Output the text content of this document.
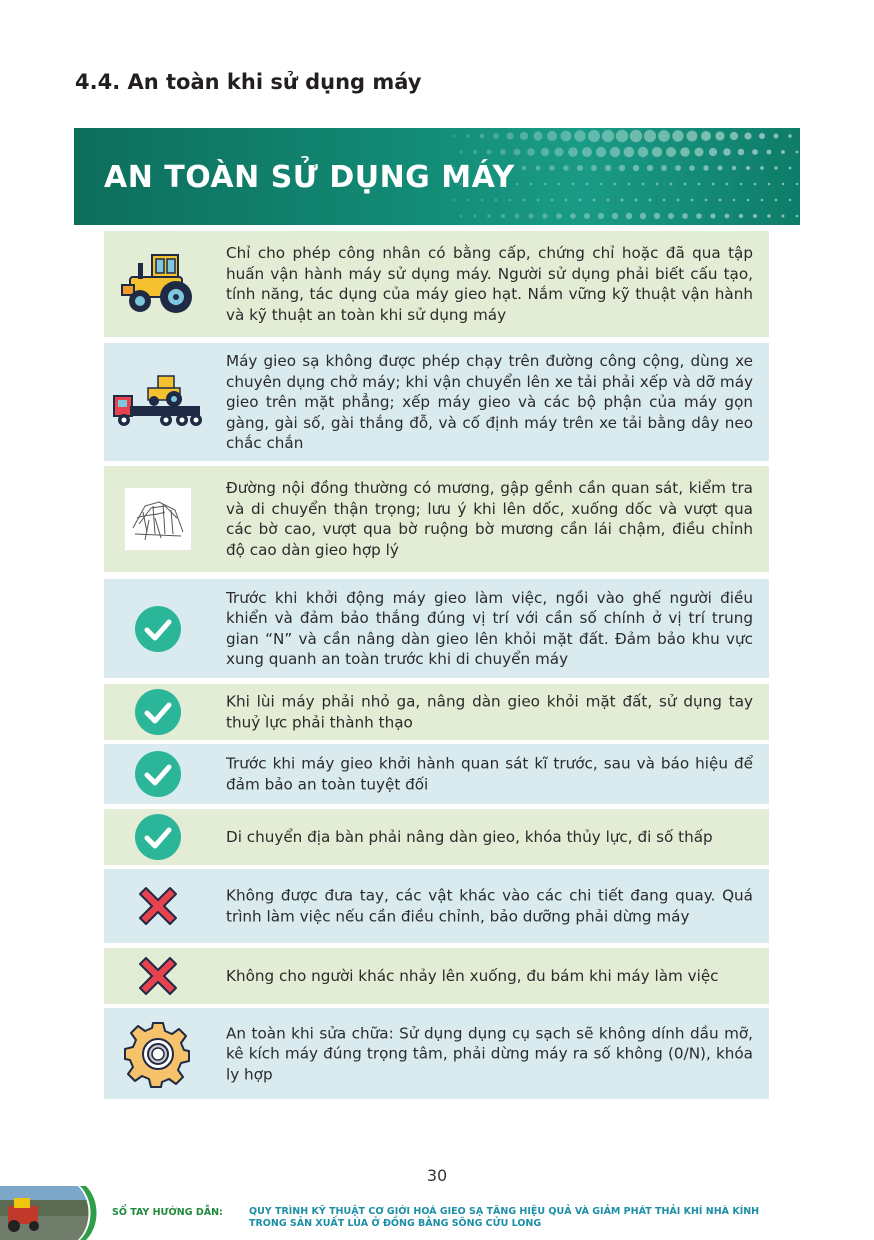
4.4. An toàn khi sử dụng máy
AN TOÀN SỬ DỤNG MÁY

Chỉ cho phép công nhân có bằng cấp, chứng chỉ hoặc đã qua tập huấn vận hành máy sử dụng máy. Người sử dụng phải biết cấu tạo, tính năng, tác dụng của máy gieo hạt. Nắm vững kỹ thuật vận hành và kỹ thuật an toàn khi sử dụng máy

Máy gieo sạ không được phép chạy trên đường công cộng, dùng xe chuyên dụng chở máy; khi vận chuyển lên xe tải phải xếp và dỡ máy gieo trên mặt phẳng; xếp máy gieo và các bộ phận của máy gọn gàng, gài số, gài thắng đỗ, và cố định máy trên xe tải bằng dây neo chắc chắn

Đường nội đồng thường có mương, gập gềnh cần quan sát, kiểm tra và di chuyển thận trọng; lưu ý khi lên dốc, xuống dốc và vượt qua các bờ cao, vượt qua bờ ruộng bờ mương cần lái chậm, điều chỉnh độ cao dàn gieo hợp lý

Trước khi khởi động máy gieo làm việc, ngồi vào ghế người điều khiển và đảm bảo thắng đúng vị trí với cần số chính ở vị trí trung gian “N” và cần nâng dàn gieo lên khỏi mặt đất. Đảm bảo khu vực xung quanh an toàn trước khi di chuyển máy

Khi lùi máy phải nhỏ ga, nâng dàn gieo khỏi mặt đất, sử dụng tay thuỷ lực phải thành thạo

Trước khi máy gieo khởi hành quan sát kĩ trước, sau và báo hiệu để đảm bảo an toàn tuyệt đối

Di chuyển địa bàn phải nâng dàn gieo, khóa thủy lực, đi số thấp

Không được đưa tay, các vật khác vào các chi tiết đang quay. Quá trình làm việc nếu cần điều chỉnh, bảo dưỡng phải dừng máy

Không cho người khác nhảy lên xuống, đu bám khi máy làm việc

An toàn khi sửa chữa: Sử dụng dụng cụ sạch sẽ không dính dầu mỡ, kê kích máy đúng trọng tâm, phải dừng máy ra số không (0/N), khóa ly hợp

30
SỔ TAY HƯỚNG DẪN:	QUY TRÌNH KỸ THUẬT CƠ GIỚI HOÁ GIEO SẠ TĂNG HIỆU QUẢ VÀ GIẢM PHÁT THẢI KHÍ NHÀ KÍNH
TRONG SẢN XUẤT LÚA Ở ĐỒNG BẰNG SÔNG CỬU LONG
